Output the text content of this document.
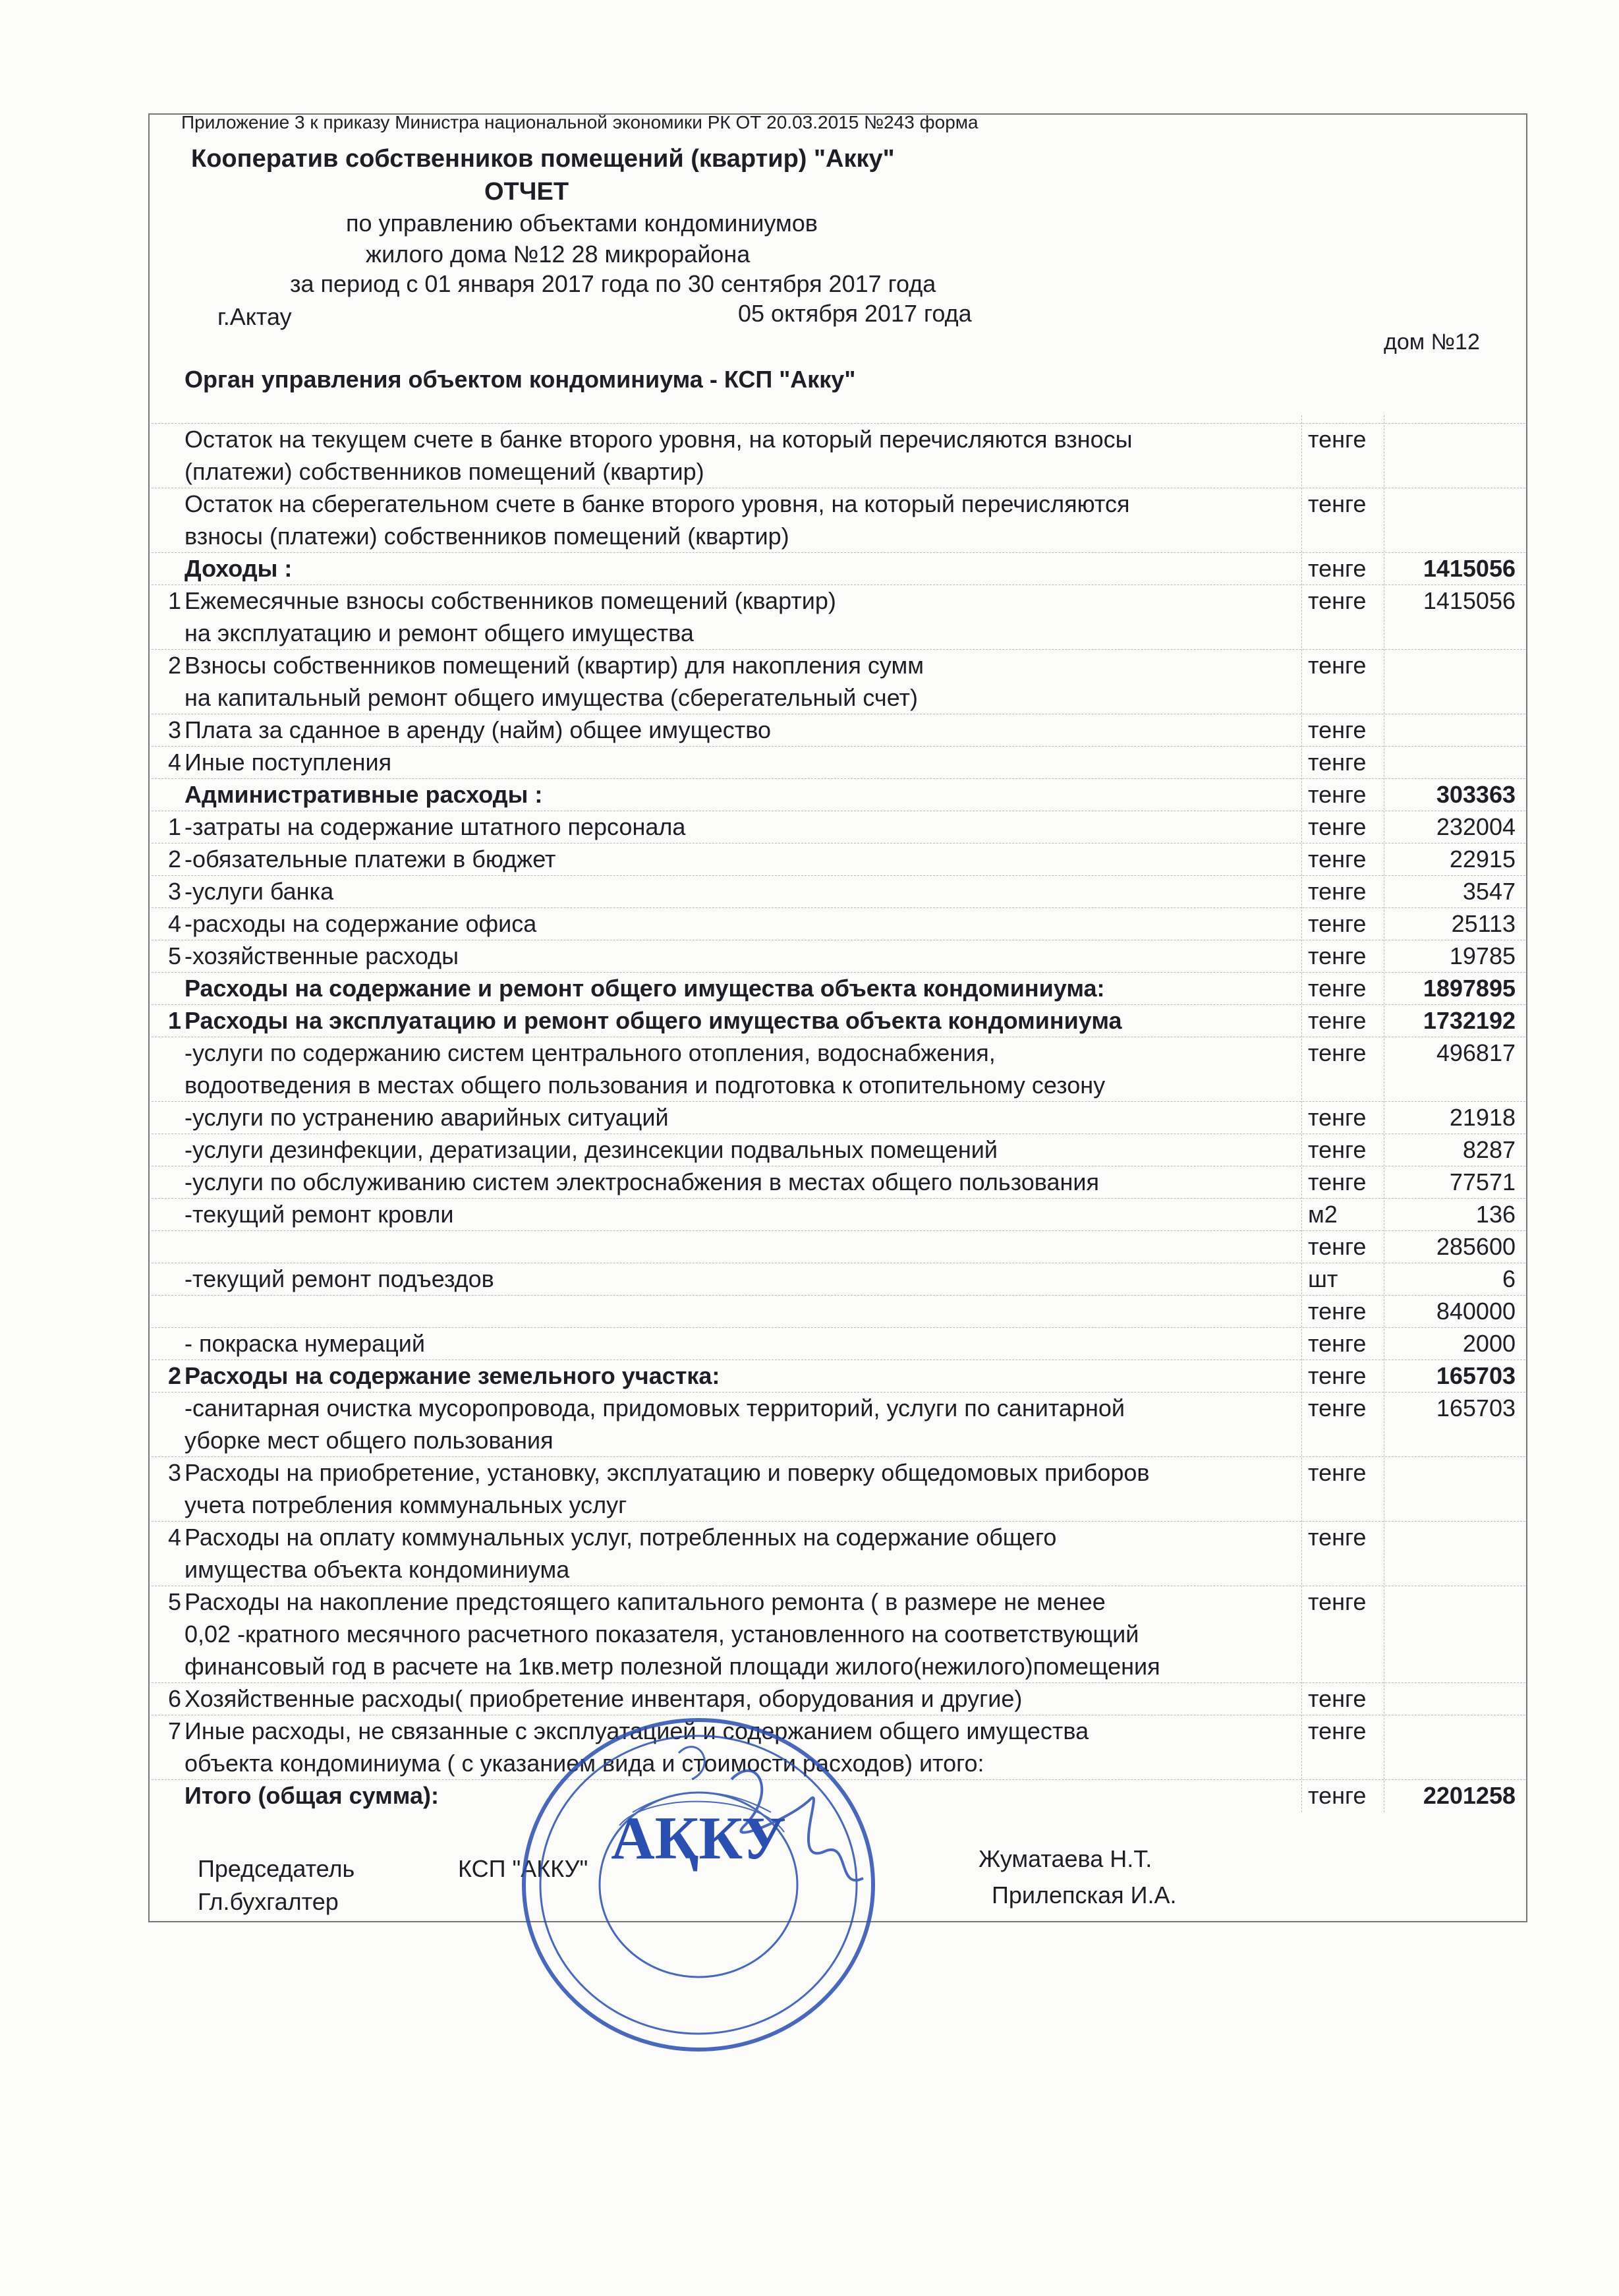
Приложение 3 к приказу Министра национальной экономики РК ОТ 20.03.2015 №243 форма
Кооператив собственников помещений (квартир) "Акку"
ОТЧЕТ
по управлению объектами кондоминиумов
жилого дома №12 28 микрорайона
за период с 01 января 2017 года по 30 сентября 2017 года
г.Актау	05 октября 2017 года
дом №12
Орган управления объектом кондоминиума - КСП "Акку"
Остаток на текущем счете в банке второго уровня, на который перечисляются взносы
(платежи) собственников помещений (квартир)
тенге
Остаток на сберегательном счете в банке второго уровня, на который перечисляются
взносы (платежи) собственников помещений (квартир)
тенге
Доходы :	тенге	1415056
1 Ежемесячные взносы собственников помещений (квартир)
на эксплуатацию и ремонт общего имущества
тенге	1415056
2 Взносы собственников помещений (квартир) для накопления сумм
на капитальный ремонт общего имущества (сберегательный счет)
тенге
3 Плата за сданное в аренду (найм) общее имущество	тенге
4 Иные поступления	тенге
Административные расходы :	тенге	303363
1 -затраты на содержание штатного персонала	тенге	232004
2 -обязательные платежи в бюджет	тенге	22915
3 -услуги банка	тенге	3547
4 -расходы на содержание офиса	тенге	25113
5 -хозяйственные расходы	тенге	19785
Расходы на содержание и ремонт общего имущества объекта кондоминиума:	тенге	1897895
1 Расходы на эксплуатацию и ремонт общего имущества объекта кондоминиума	тенге	1732192
-услуги по содержанию систем центрального отопления, водоснабжения,
водоотведения в местах общего пользования и подготовка к отопительному сезону
тенге	496817
-услуги по устранению аварийных ситуаций	тенге	21918
-услуги дезинфекции, дератизации, дезинсекции подвальных помещений	тенге	8287
-услуги по обслуживанию систем электроснабжения в местах общего пользования	тенге	77571
-текущий ремонт кровли	м2	136
тенге	285600
-текущий ремонт подъездов	шт	6
тенге	840000
- покраска нумераций	тенге	2000
2 Расходы на содержание земельного участка:	тенге	165703
-санитарная очистка мусоропровода, придомовых территорий, услуги по санитарной
уборке мест общего пользования
тенге	165703
3 Расходы на приобретение, установку, эксплуатацию и поверку общедомовых приборов
учета потребления коммунальных услуг
тенге
4 Расходы на оплату коммунальных услуг, потребленных на содержание общего
имущества объекта кондоминиума
тенге
5 Расходы на накопление предстоящего капитального ремонта ( в размере не менее
0,02 -кратного месячного расчетного показателя, установленного на соответствующий
финансовый год в расчете на 1кв.метр полезной площади жилого(нежилого)помещения
тенге
6 Хозяйственные расходы( приобретение инвентаря, оборудования и другие)	тенге
7 Иные расходы, не связанные с эксплуатацией и содержанием общего имущества
объекта кондоминиума ( с указанием вида и стоимости расходов) итого:
тенге
Итого (общая сумма):	тенге	2201258
Председатель	КСП "АККУ"	Жуматаева Н.Т.
Гл.бухгалтер	Прилепская И.А.
АҚКУ
